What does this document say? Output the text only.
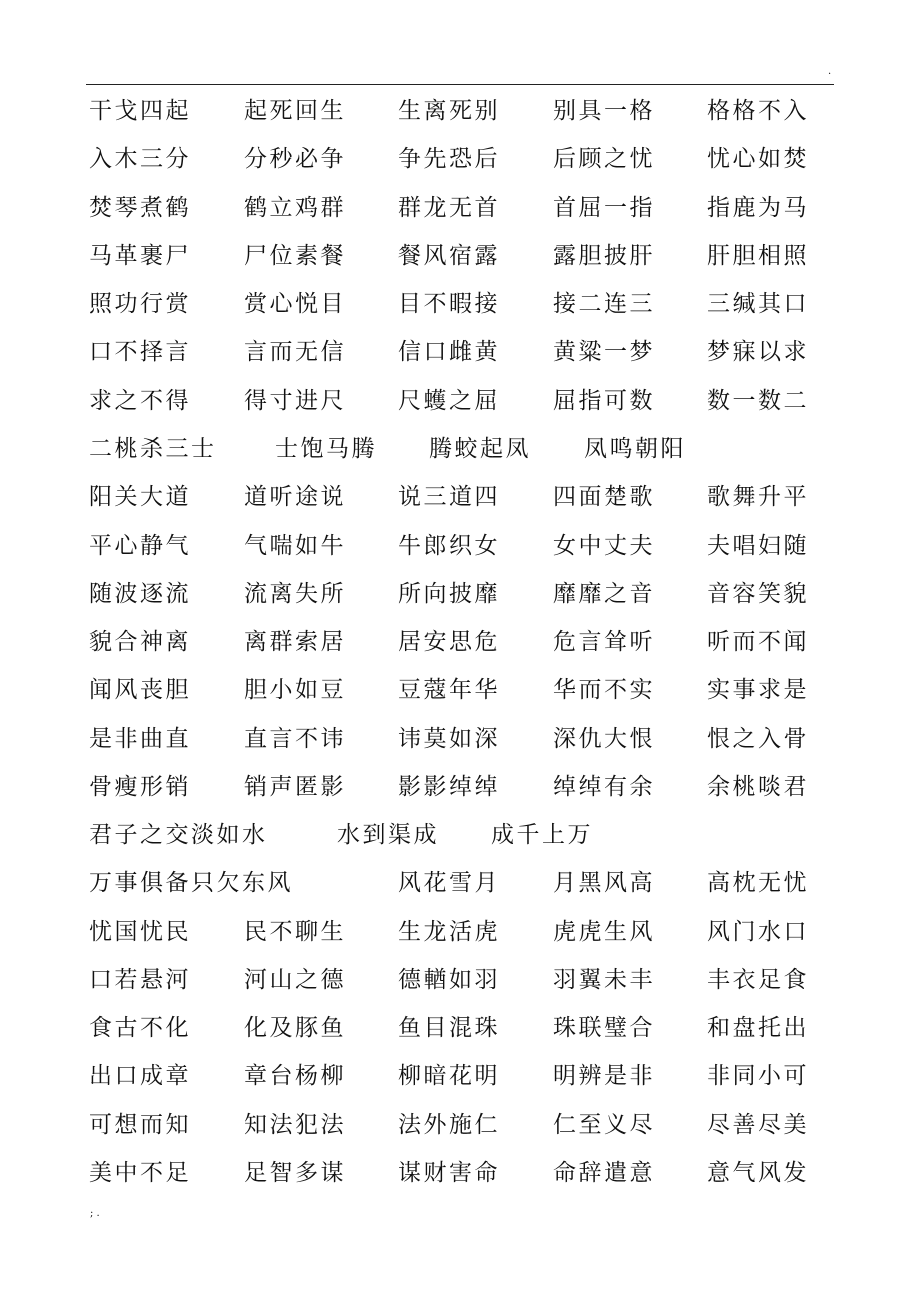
.
干戈四起 起死回生 生离死别 别具一格 格格不入
入木三分 分秒必争 争先恐后 后顾之忧 忧心如焚
焚琴煮鹤 鹤立鸡群 群龙无首 首屈一指 指鹿为马
马革裹尸 尸位素餐 餐风宿露 露胆披肝 肝胆相照
照功行赏 赏心悦目 目不暇接 接二连三 三缄其口
口不择言 言而无信 信口雌黄 黄粱一梦 梦寐以求
求之不得 得寸进尺 尺蠖之屈 屈指可数 数一数二
二桃杀三士	士饱马腾 腾蛟起凤 凤鸣朝阳
阳关大道 道听途说 说三道四 四面楚歌 歌舞升平
平心静气 气喘如牛 牛郎织女 女中丈夫 夫唱妇随
随波逐流 流离失所 所向披靡 靡靡之音 音容笑貌
貌合神离 离群索居 居安思危 危言耸听 听而不闻
闻风丧胆 胆小如豆 豆蔻年华 华而不实 实事求是
是非曲直 直言不讳 讳莫如深 深仇大恨 恨之入骨
骨瘦形销 销声匿影 影影绰绰 绰绰有余 余桃啖君
君子之交淡如水	水到渠成 成千上万
万事俱备只欠东风	风花雪月 月黑风高 高枕无忧
忧国忧民 民不聊生 生龙活虎 虎虎生风 风门水口
口若悬河 河山之德 德輶如羽 羽翼未丰 丰衣足食
食古不化 化及豚鱼 鱼目混珠 珠联璧合 和盘托出
出口成章 章台杨柳 柳暗花明 明辨是非 非同小可
可想而知 知法犯法 法外施仁 仁至义尽 尽善尽美
美中不足 足智多谋 谋财害命 命辞遣意 意气风发
; .
